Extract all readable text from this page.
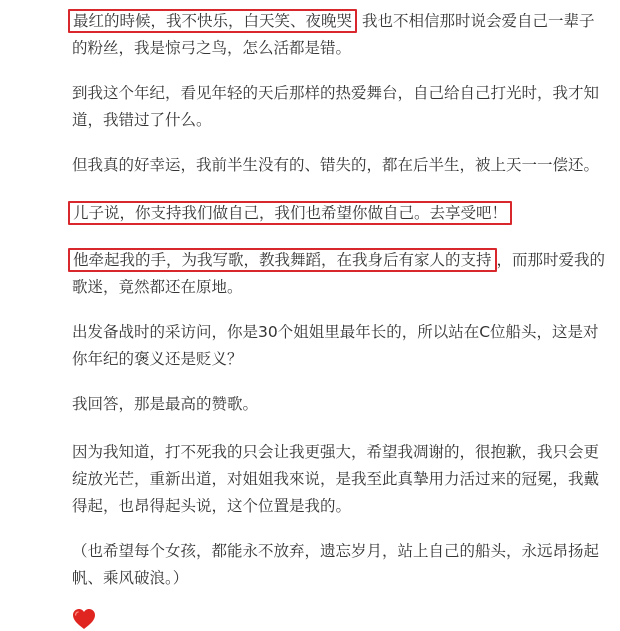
最红的時候，我不快乐，白天笑、夜晚哭 我也不相信那时说会爱自己一辈子的粉丝，我是惊弓之鸟，怎么活都是错。

到我这个年纪，看见年轻的天后那样的热爱舞台，自己给自己打光时，我才知道，我错过了什么。

但我真的好幸运，我前半生没有的、错失的，都在后半生，被上天一一偿还。

儿子说，你支持我们做自己，我们也希望你做自己。去享受吧！

他牵起我的手，为我写歌，教我舞蹈，在我身后有家人的支持 ，而那时爱我的歌迷，竟然都还在原地。

出发备战时的采访问，你是30个姐姐里最年长的，所以站在C位船头，这是对你年纪的褒义还是贬义？

我回答，那是最高的赞歌。

因为我知道，打不死我的只会让我更强大，希望我凋谢的，很抱歉，我只会更绽放光芒，重新出道，对姐姐我來说，是我至此真摯用力活过来的冠冕，我戴得起，也昂得起头说，这个位置是我的。

（也希望每个女孩，都能永不放弃，遗忘岁月，站上自己的船头，永远昂扬起帆、乘风破浪。）
